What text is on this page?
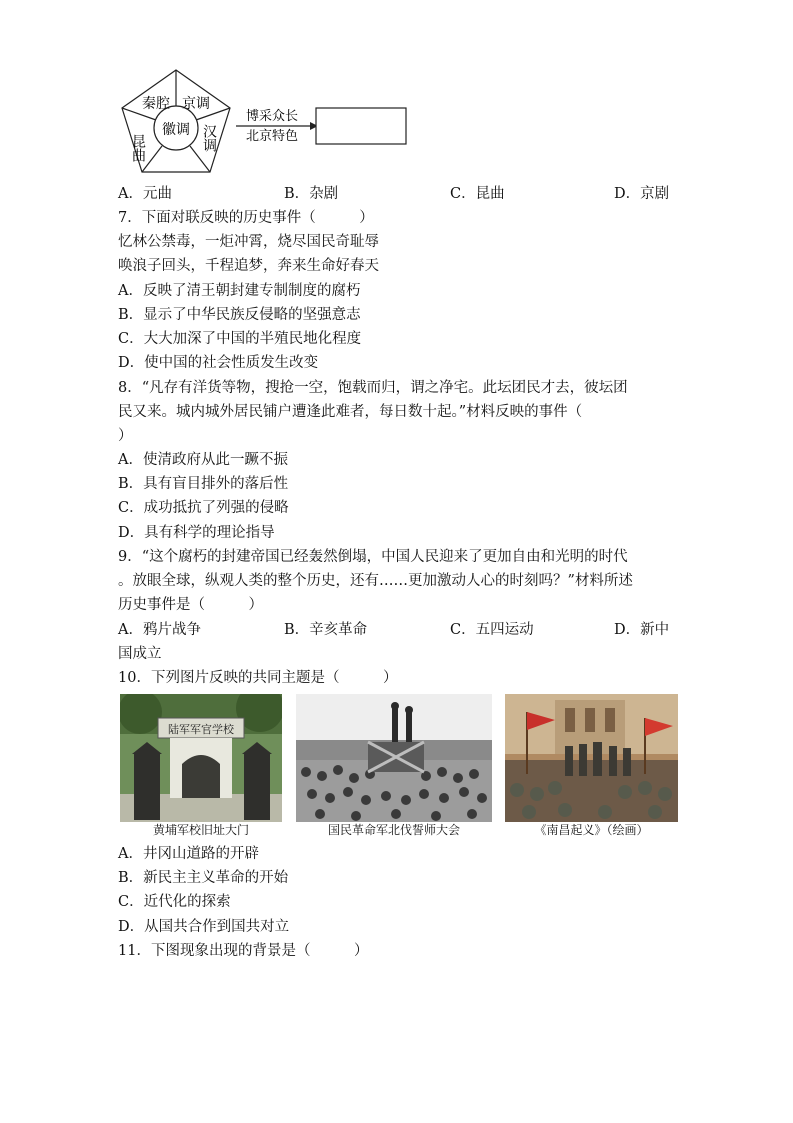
秦腔 京调
徽调
昆曲	汉调
博采众长
北京特色
A．元曲	B．杂剧	C．昆曲	D．京剧
7．下面对联反映的历史事件（　　　）
忆林公禁毒，一炬冲霄，烧尽国民奇耻辱
唤浪子回头，千程追梦，奔来生命好春天
A．反映了清王朝封建专制制度的腐朽
B．显示了中华民族反侵略的坚强意志
C．大大加深了中国的半殖民地化程度
D．使中国的社会性质发生改变
8．“凡存有洋货等物，搜抢一空，饱载而归，谓之净宅。此坛团民才去，彼坛团
民又来。城内城外居民铺户遭逢此难者，每日数十起。”材料反映的事件（
）
A．使清政府从此一蹶不振
B．具有盲目排外的落后性
C．成功抵抗了列强的侵略
D．具有科学的理论指导
9．“这个腐朽的封建帝国已经轰然倒塌，中国人民迎来了更加自由和光明的时代
。放眼全球，纵观人类的整个历史，还有……更加激动人心的时刻吗？”材料所述
历史事件是（　　　）
A．鸦片战争	B．辛亥革命	C．五四运动	D．新中
国成立
10．下列图片反映的共同主题是（　　　）
陆军军官学校
黄埔军校旧址大门	国民革命军北伐誓师大会	《南昌起义》（绘画）
A．井冈山道路的开辟
B．新民主主义革命的开始
C．近代化的探索
D．从国共合作到国共对立
11．下图现象出现的背景是（　　　）
